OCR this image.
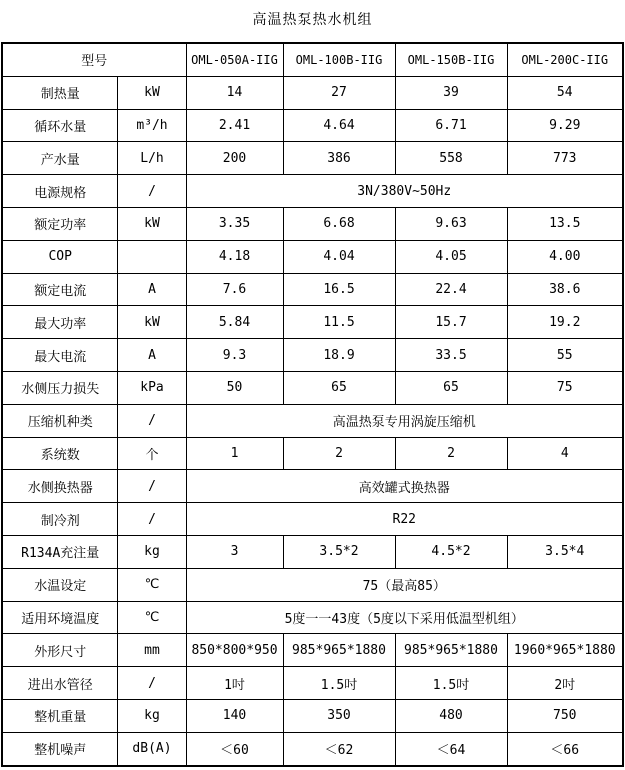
高温热泵热水机组
型号		OML-050A-IIG	OML-100B-IIG	OML-150B-IIG	OML-200C-IIG
制热量	kW	14	27	39	54
循环水量	m³/h	2.41	4.64	6.71	9.29
产水量	L/h	200	386	558	773
电源规格	/	3N/380V~50Hz			
额定功率	kW	3.35	6.68	9.63	13.5
COP		4.18	4.04	4.05	4.00
额定电流	A	7.6	16.5	22.4	38.6
最大功率	kW	5.84	11.5	15.7	19.2
最大电流	A	9.3	18.9	33.5	55
水侧压力损失	kPa	50	65	65	75
压缩机种类	/	高温热泵专用涡旋压缩机			
系统数	个	1	2	2	4
水侧换热器	/	高效罐式换热器			
制冷剂	/	R22			
R134A充注量	kg	3	3.5*2	4.5*2	3.5*4
水温设定	℃	75（最高85）			
适用环境温度	℃	5度一一43度（5度以下采用低温型机组）			
外形尺寸	mm	850*800*950	985*965*1880	985*965*1880	1960*965*1880
进出水管径	/	1吋	1.5吋	1.5吋	2吋
整机重量	kg	140	350	480	750
整机噪声	dB(A)	＜60	＜62	＜64	＜66
